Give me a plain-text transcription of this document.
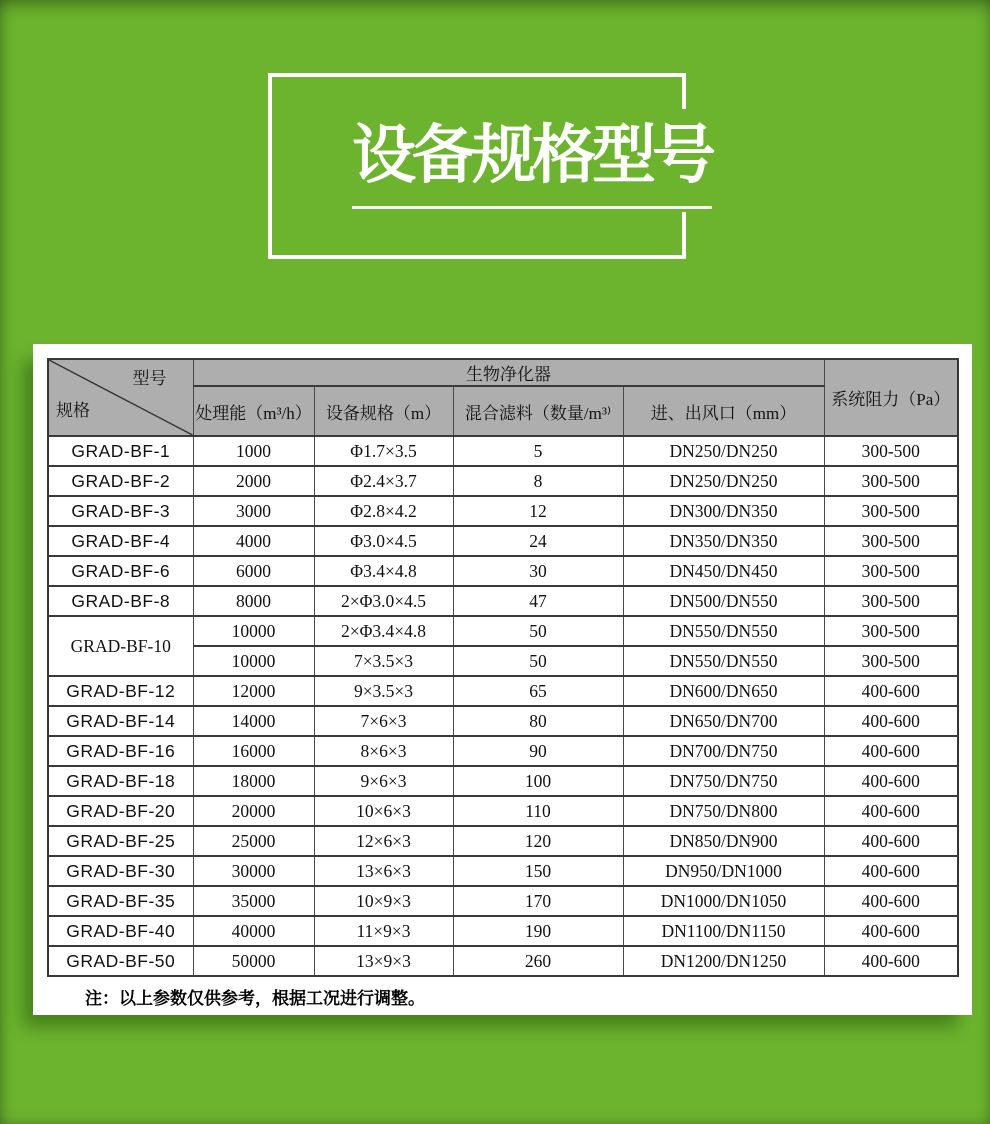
设备规格型号
型号
规格	生物净化器				系统阻力（Pa）
	处理能（m³/h）	设备规格（m）	混合滤料（数量/m³⁾	进、出风口（mm）	
GRAD-BF-1	1000	Φ1.7×3.5	5	DN250/DN250	300-500
GRAD-BF-2	2000	Φ2.4×3.7	8	DN250/DN250	300-500
GRAD-BF-3	3000	Φ2.8×4.2	12	DN300/DN350	300-500
GRAD-BF-4	4000	Φ3.0×4.5	24	DN350/DN350	300-500
GRAD-BF-6	6000	Φ3.4×4.8	30	DN450/DN450	300-500
GRAD-BF-8	8000	2×Φ3.0×4.5	47	DN500/DN550	300-500
GRAD-BF-10	10000	2×Φ3.4×4.8	50	DN550/DN550	300-500
	10000	7×3.5×3	50	DN550/DN550	300-500
GRAD-BF-12	12000	9×3.5×3	65	DN600/DN650	400-600
GRAD-BF-14	14000	7×6×3	80	DN650/DN700	400-600
GRAD-BF-16	16000	8×6×3	90	DN700/DN750	400-600
GRAD-BF-18	18000	9×6×3	100	DN750/DN750	400-600
GRAD-BF-20	20000	10×6×3	110	DN750/DN800	400-600
GRAD-BF-25	25000	12×6×3	120	DN850/DN900	400-600
GRAD-BF-30	30000	13×6×3	150	DN950/DN1000	400-600
GRAD-BF-35	35000	10×9×3	170	DN1000/DN1050	400-600
GRAD-BF-40	40000	11×9×3	190	DN1100/DN1150	400-600
GRAD-BF-50	50000	13×9×3	260	DN1200/DN1250	400-600
注：以上参数仅供参考，根据工况进行调整。
